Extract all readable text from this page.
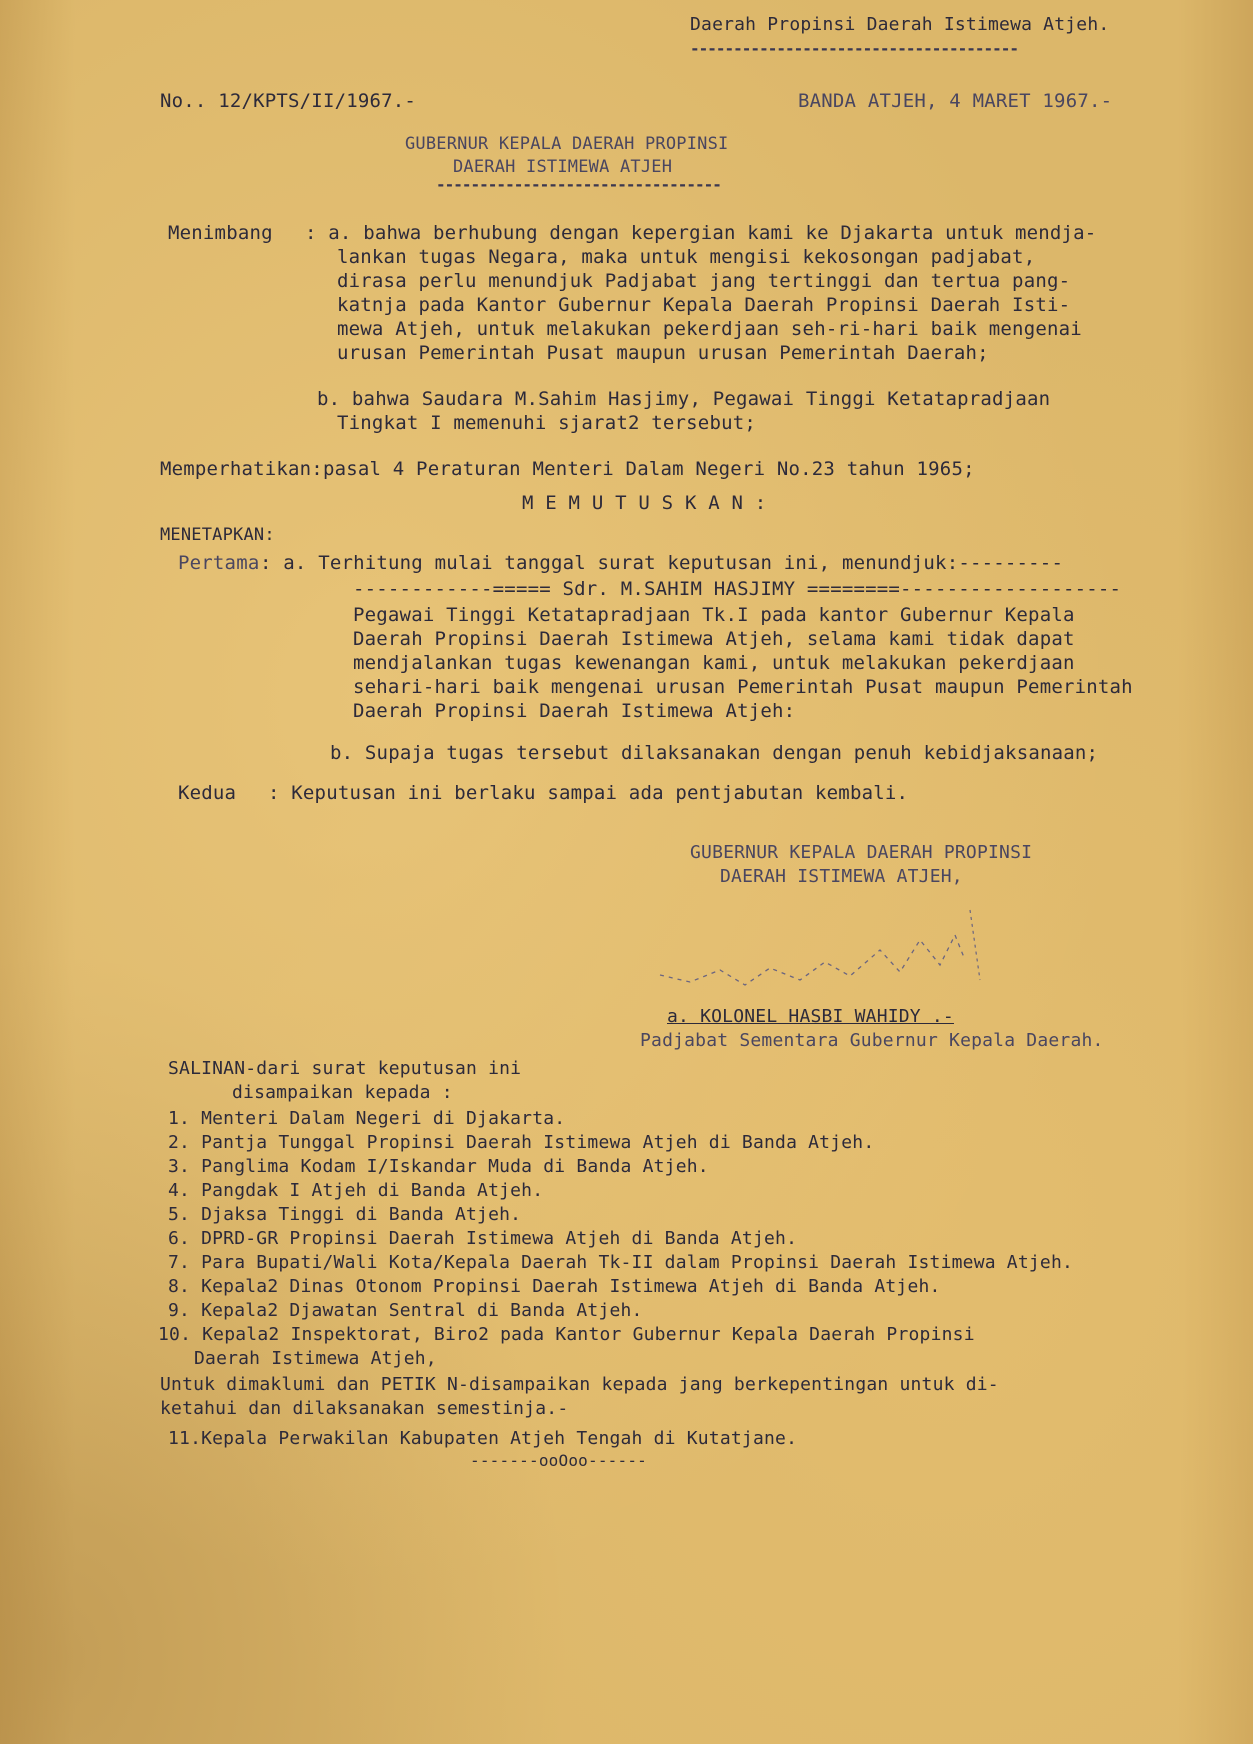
Daerah Propinsi Daerah Istimewa Atjeh.
--------------------------------------
No.. 12/KPTS/II/1967.-	BANDA ATJEH, 4 MARET 1967.-
GUBERNUR KEPALA DAERAH PROPINSI
DAERAH ISTIMEWA ATJEH
---------------------------------
Menimbang : a. bahwa berhubung dengan kepergian kami ke Djakarta untuk mendja-
lankan tugas Negara, maka untuk mengisi kekosongan padjabat,
dirasa perlu menundjuk Padjabat jang tertinggi dan tertua pang-
katnja pada Kantor Gubernur Kepala Daerah Propinsi Daerah Isti-
mewa Atjeh, untuk melakukan pekerdjaan seh-ri-hari baik mengenai
urusan Pemerintah Pusat maupun urusan Pemerintah Daerah;
b. bahwa Saudara M.Sahim Hasjimy, Pegawai Tinggi Ketatapradjaan
Tingkat I memenuhi sjarat2 tersebut;
Memperhatikan:pasal 4 Peraturan Menteri Dalam Negeri No.23 tahun 1965;
M E M U T U S K A N :
MENETAPKAN:
Pertama : a. Terhitung mulai tanggal surat keputusan ini, menundjuk:---------
------------===== Sdr. M.SAHIM HASJIMY ========-------------------
Pegawai Tinggi Ketatapradjaan Tk.I pada kantor Gubernur Kepala
Daerah Propinsi Daerah Istimewa Atjeh, selama kami tidak dapat
mendjalankan tugas kewenangan kami, untuk melakukan pekerdjaan
sehari-hari baik mengenai urusan Pemerintah Pusat maupun Pemerintah
Daerah Propinsi Daerah Istimewa Atjeh:
b. Supaja tugas tersebut dilaksanakan dengan penuh kebidjaksanaan;
Kedua : Keputusan ini berlaku sampai ada pentjabutan kembali.
GUBERNUR KEPALA DAERAH PROPINSI
DAERAH ISTIMEWA ATJEH,
a. KOLONEL HASBI WAHIDY .-
Padjabat Sementara Gubernur Kepala Daerah.
SALINAN-dari surat keputusan ini
disampaikan kepada :
1. Menteri Dalam Negeri di Djakarta.
2. Pantja Tunggal Propinsi Daerah Istimewa Atjeh di Banda Atjeh.
3. Panglima Kodam I/Iskandar Muda di Banda Atjeh.
4. Pangdak I Atjeh di Banda Atjeh.
5. Djaksa Tinggi di Banda Atjeh.
6. DPRD-GR Propinsi Daerah Istimewa Atjeh di Banda Atjeh.
7. Para Bupati/Wali Kota/Kepala Daerah Tk-II dalam Propinsi Daerah Istimewa Atjeh.
8. Kepala2 Dinas Otonom Propinsi Daerah Istimewa Atjeh di Banda Atjeh.
9. Kepala2 Djawatan Sentral di Banda Atjeh.
10. Kepala2 Inspektorat, Biro2 pada Kantor Gubernur Kepala Daerah Propinsi
Daerah Istimewa Atjeh,
Untuk dimaklumi dan PETIK N-disampaikan kepada jang berkepentingan untuk di-
ketahui dan dilaksanakan semestinja.-
11.Kepala Perwakilan Kabupaten Atjeh Tengah di Kutatjane.
-------ooOoo------
